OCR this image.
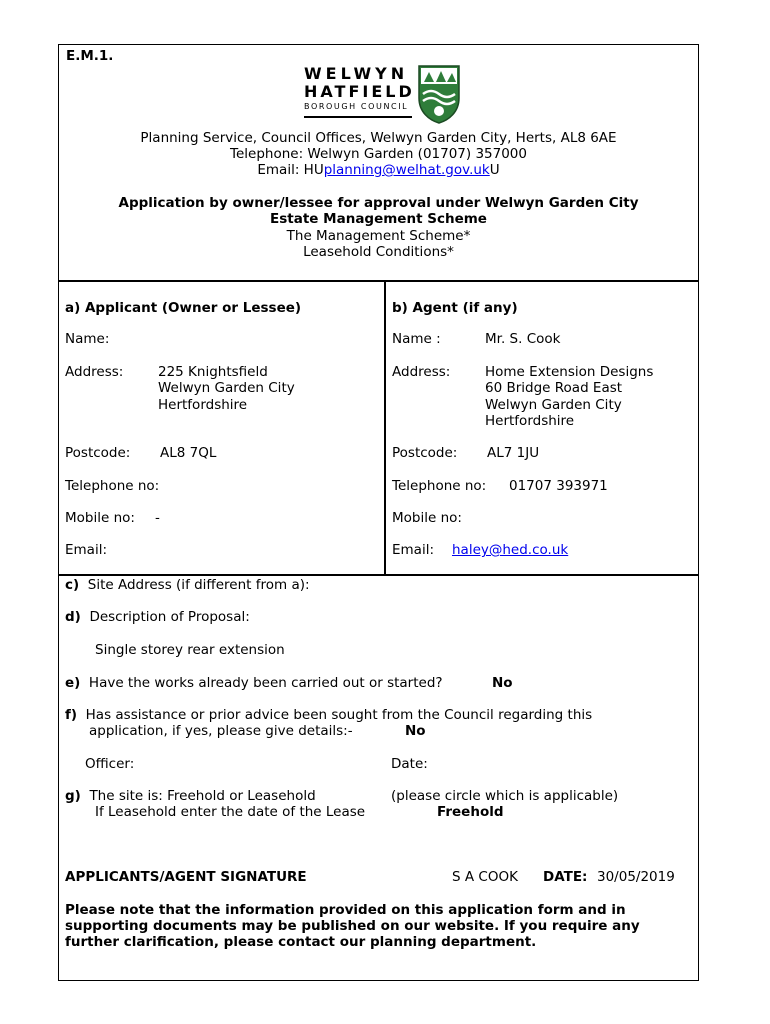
E.M.1.
WELWYN
HATFIELD
BOROUGH COUNCIL
Planning Service, Council Offices, Welwyn Garden City, Herts, AL8 6AE
Telephone: Welwyn Garden (01707) 357000
Email: HUplanning@welhat.gov.ukU
Application by owner/lessee for approval under Welwyn Garden City
Estate Management Scheme
The Management Scheme*
Leasehold Conditions*
a) Applicant (Owner or Lessee)
Name:
Address:	225 Knightsfield
Welwyn Garden City
Hertfordshire
Postcode: AL8 7QL
Telephone no:
Mobile no: -
Email:
b) Agent (if any)
Name :	Mr. S. Cook
Address:	Home Extension Designs
60 Bridge Road East
Welwyn Garden City
Hertfordshire
Postcode: AL7 1JU
Telephone no: 01707 393971
Mobile no:
Email: haley@hed.co.uk
c) Site Address (if different from a):
d) Description of Proposal:
Single storey rear extension
e) Have the works already been carried out or started?	No
f) Has assistance or prior advice been sought from the Council regarding this
application, if yes, please give details:-	No
Officer:	Date:
g) The site is: Freehold or Leasehold	(please circle which is applicable)
If Leasehold enter the date of the Lease	Freehold
APPLICANTS/AGENT SIGNATURE	S A COOK DATE: 30/05/2019
Please note that the information provided on this application form and in
supporting documents may be published on our website. If you require any
further clarification, please contact our planning department.
